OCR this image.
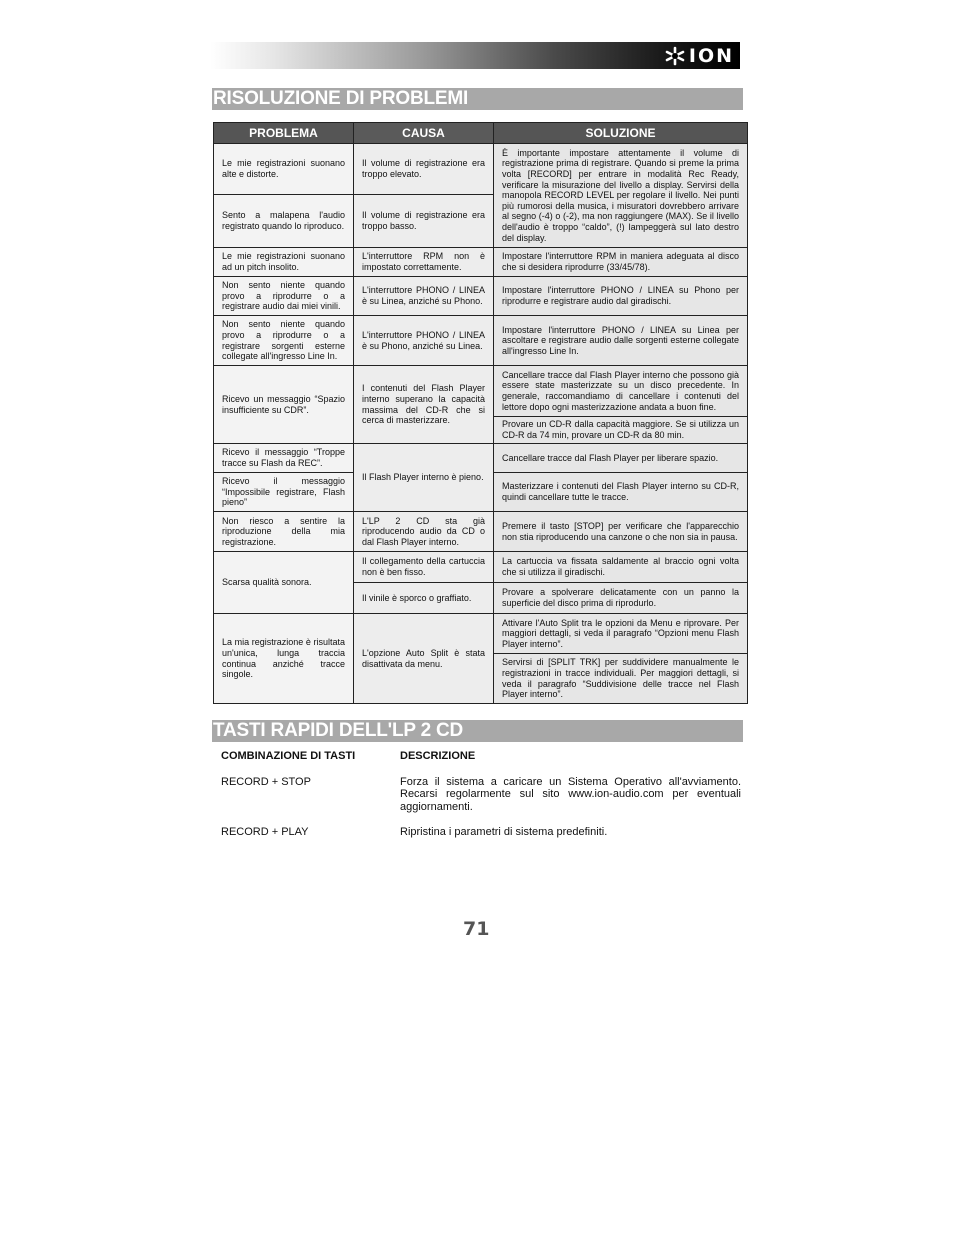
ION
RISOLUZIONE DI PROBLEMI
PROBLEMA	CAUSA	SOLUZIONE
Le mie registrazioni suonano alte e distorte.	Il volume di registrazione era troppo elevato.	È importante impostare attentamente il volume di registrazione prima di registrare. Quando si preme la prima volta [RECORD] per entrare in modalità Rec Ready, verificare la misurazione del livello a display. Servirsi della manopola RECORD LEVEL per regolare il livello. Nei punti più rumorosi della musica, i misuratori dovrebbero arrivare al segno (-4) o (-2), ma non raggiungere (MAX). Se il livello dell'audio è troppo “caldo”, (!) lampeggerà sul lato destro del display.
Sento a malapena l'audio registrato quando lo riproduco.	Il volume di registrazione era troppo basso.	
Le mie registrazioni suonano ad un pitch insolito.	L'interruttore RPM non è impostato correttamente.	Impostare l'interruttore RPM in maniera adeguata al disco che si desidera riprodurre (33/45/78).
Non sento niente quando provo a riprodurre o a registrare audio dai miei vinili.	L'interruttore PHONO / LINEA è su Linea, anziché su Phono.	Impostare l'interruttore PHONO / LINEA su Phono per riprodurre e registrare audio dal giradischi.
Non sento niente quando provo a riprodurre o a registrare sorgenti esterne collegate all'ingresso Line In.	L'interruttore PHONO / LINEA è su Phono, anziché su Linea.	Impostare l'interruttore PHONO / LINEA su Linea per ascoltare e registrare audio dalle sorgenti esterne collegate all'ingresso Line In.
Ricevo un messaggio “Spazio insufficiente su CDR”.	I contenuti del Flash Player interno superano la capacità massima del CD-R che si cerca di masterizzare.	Cancellare tracce dal Flash Player interno che possono già essere state masterizzate su un disco precedente. In generale, raccomandiamo di cancellare i contenuti del lettore dopo ogni masterizzazione andata a buon fine.
		Provare un CD-R dalla capacità maggiore. Se si utilizza un CD-R da 74 min, provare un CD-R da 80 min.
Ricevo il messaggio “Troppe tracce su Flash da REC”.	Il Flash Player interno è pieno.	Cancellare tracce dal Flash Player per liberare spazio.
Ricevo il messaggio “Impossibile registrare, Flash pieno”		Masterizzare i contenuti del Flash Player interno su CD-R, quindi cancellare tutte le tracce.
Non riesco a sentire la riproduzione della mia registrazione.	L'LP 2 CD sta già riproducendo audio da CD o dal Flash Player interno.	Premere il tasto [STOP] per verificare che l'apparecchio non stia riproducendo una canzone o che non sia in pausa.
Scarsa qualità sonora.	Il collegamento della cartuccia non è ben fisso.	La cartuccia va fissata saldamente al braccio ogni volta che si utilizza il giradischi.
	Il vinile è sporco o graffiato.	Provare a spolverare delicatamente con un panno la superficie del disco prima di riprodurlo.
La mia registrazione è risultata un'unica, lunga traccia continua anziché tracce singole.	L'opzione Auto Split è stata disattivata da menu.	Attivare l'Auto Split tra le opzioni da Menu e riprovare. Per maggiori dettagli, si veda il paragrafo “Opzioni menu Flash Player interno”.
		Servirsi di [SPLIT TRK] per suddividere manualmente le registrazioni in tracce individuali. Per maggiori dettagli, si veda il paragrafo “Suddivisione delle tracce nel Flash Player interno”.
TASTI RAPIDI DELL'LP 2 CD
COMBINAZIONE DI TASTI	DESCRIZIONE
RECORD + STOP	Forza il sistema a caricare un Sistema Operativo all'avviamento. Recarsi regolarmente sul sito www.ion-audio.com per eventuali aggiornamenti.
RECORD + PLAY	Ripristina i parametri di sistema predefiniti.
71
